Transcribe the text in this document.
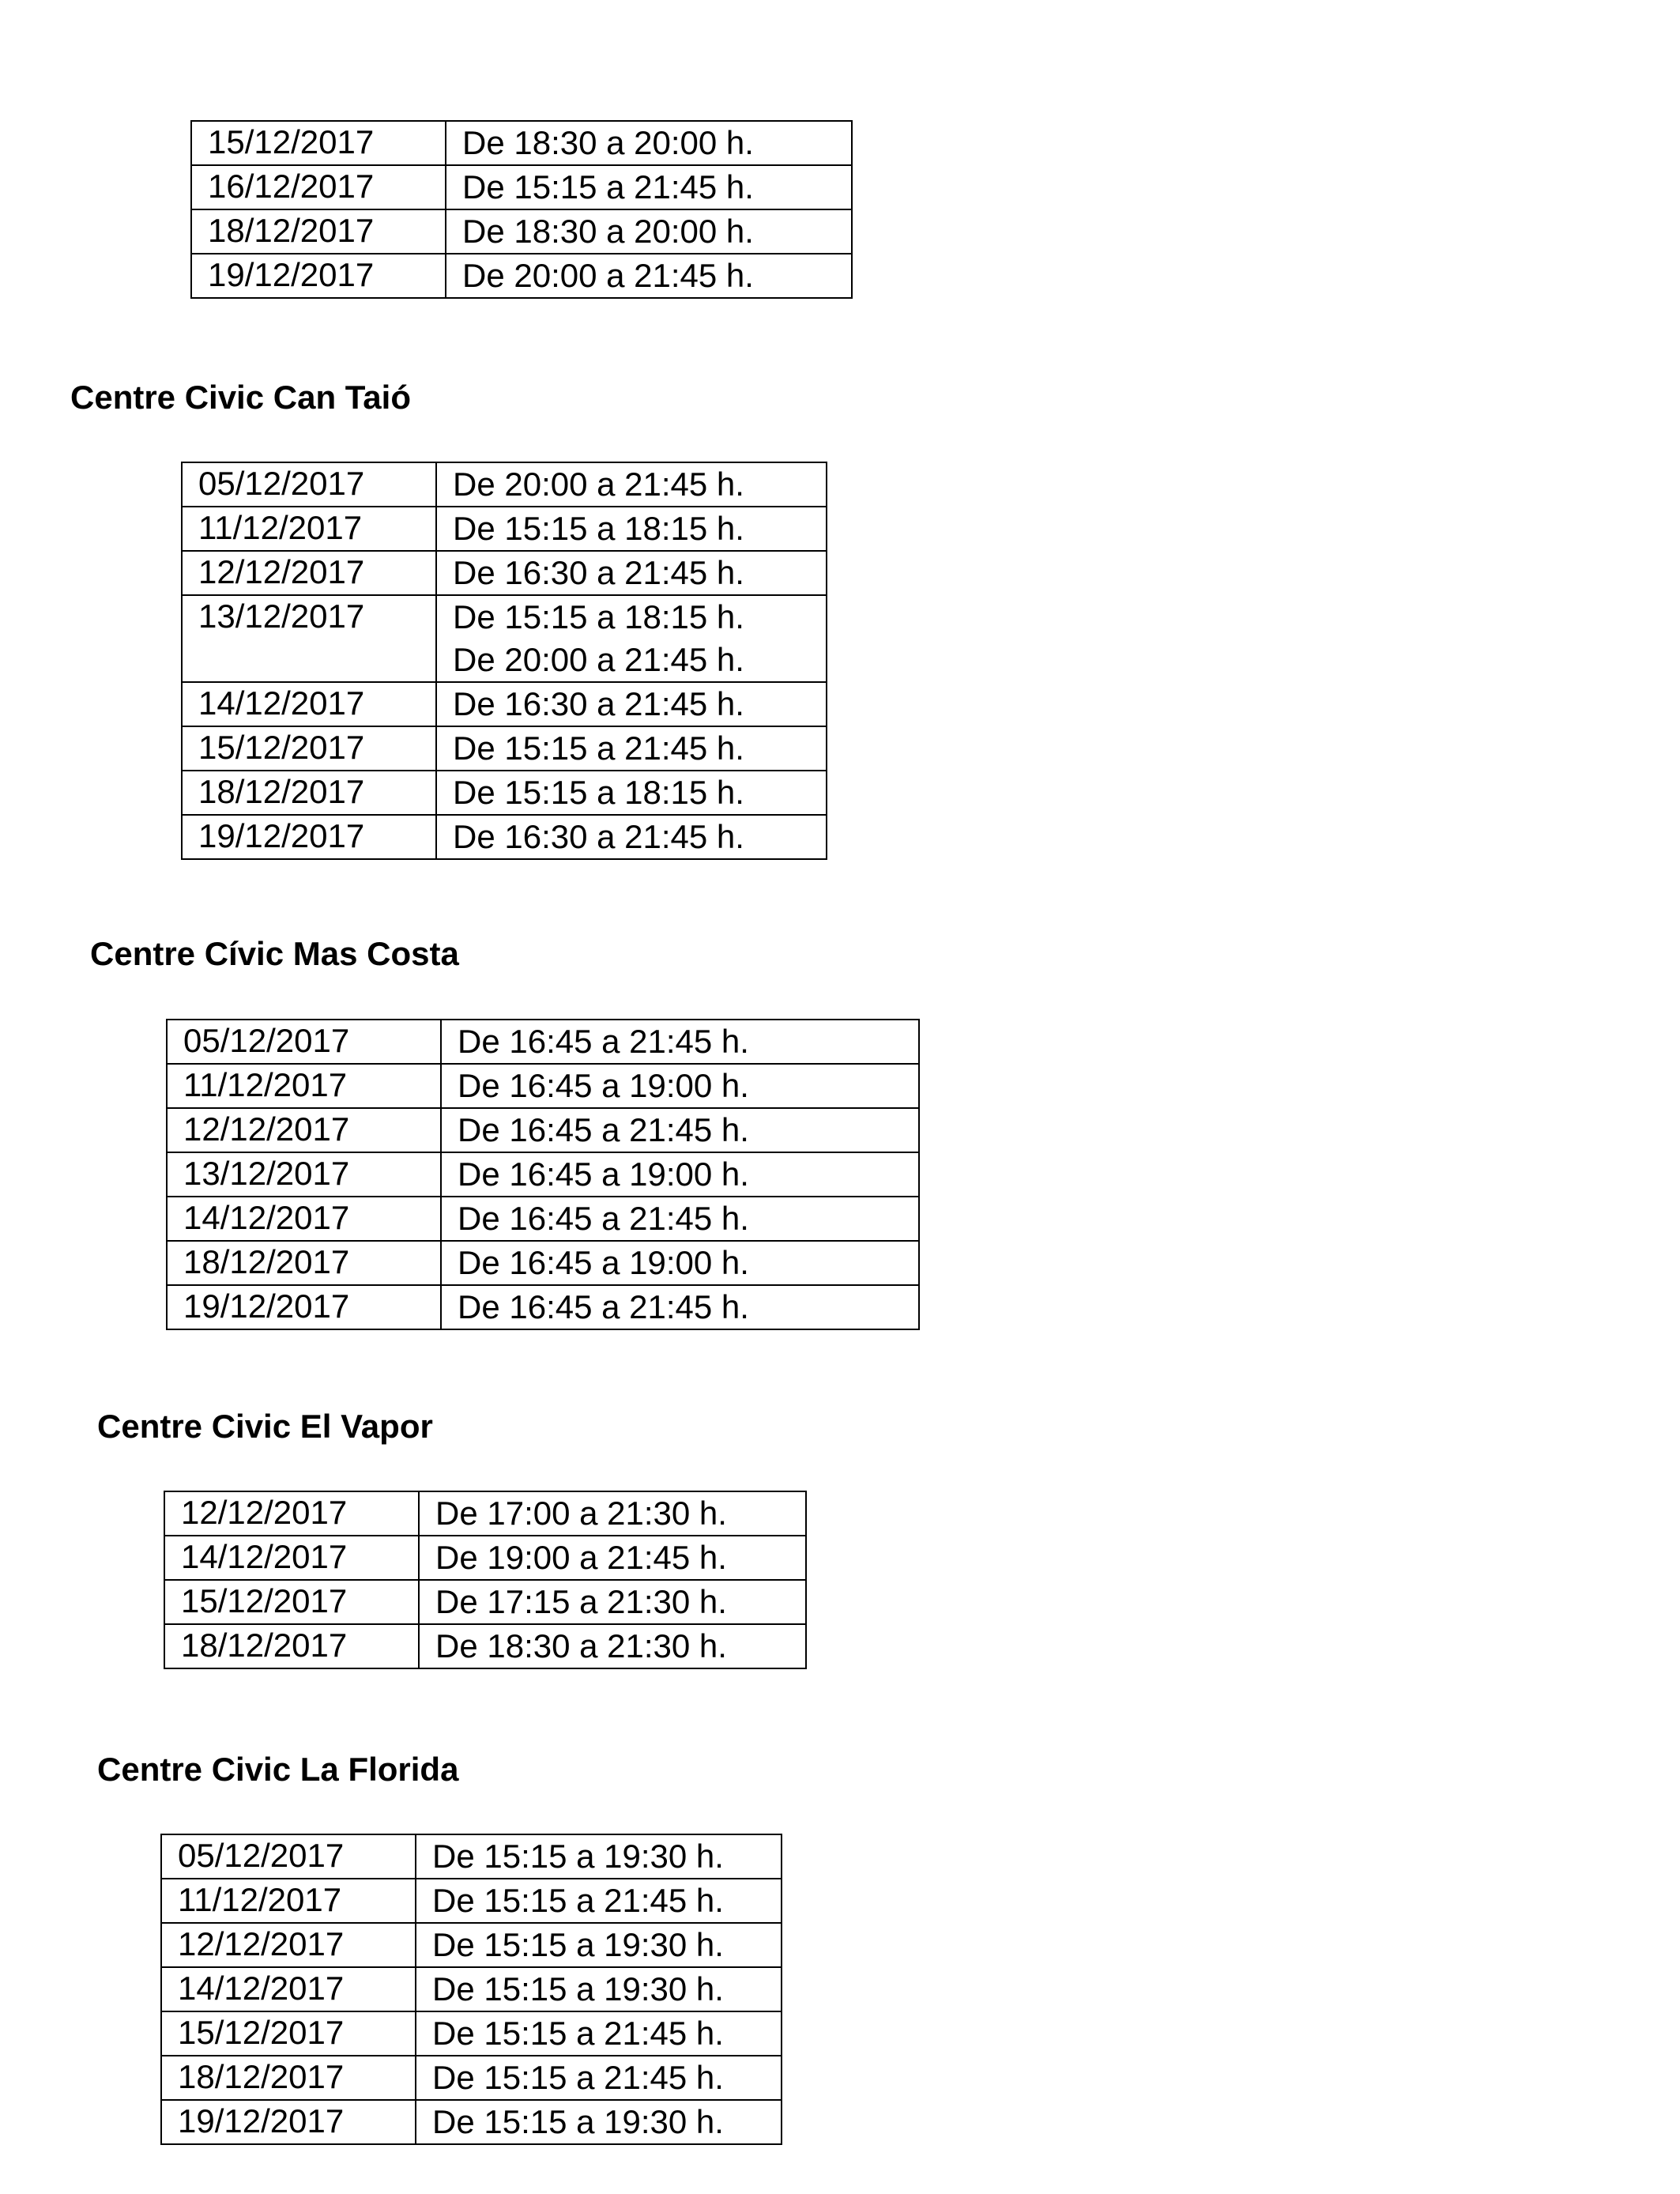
15/12/2017	De 18:30 a 20:00 h.

16/12/2017	De 15:15 a 21:45 h.

18/12/2017	De 18:30 a 20:00 h.

19/12/2017	De 20:00 a 21:45 h.
Centre Civic Can Taió
05/12/2017	De 20:00 a 21:45 h.

11/12/2017	De 15:15 a 18:15 h.

12/12/2017	De 16:30 a 21:45 h.

13/12/2017	De 15:15 a 18:15 h.
De 20:00 a 21:45 h.

14/12/2017	De 16:30 a 21:45 h.

15/12/2017	De 15:15 a 21:45 h.

18/12/2017	De 15:15 a 18:15 h.

19/12/2017	De 16:30 a 21:45 h.
Centre Cívic Mas Costa
05/12/2017	De 16:45 a 21:45 h.

11/12/2017	De 16:45 a 19:00 h.

12/12/2017	De 16:45 a 21:45 h.

13/12/2017	De 16:45 a 19:00 h.

14/12/2017	De 16:45 a 21:45 h.

18/12/2017	De 16:45 a 19:00 h.

19/12/2017	De 16:45 a 21:45 h.
Centre Civic El Vapor
12/12/2017	De 17:00 a 21:30 h.

14/12/2017	De 19:00 a 21:45 h.

15/12/2017	De 17:15 a 21:30 h.

18/12/2017	De 18:30 a 21:30 h.
Centre Civic La Florida
05/12/2017	De 15:15 a 19:30 h.

11/12/2017	De 15:15 a 21:45 h.

12/12/2017	De 15:15 a 19:30 h.

14/12/2017	De 15:15 a 19:30 h.

15/12/2017	De 15:15 a 21:45 h.

18/12/2017	De 15:15 a 21:45 h.

19/12/2017	De 15:15 a 19:30 h.
